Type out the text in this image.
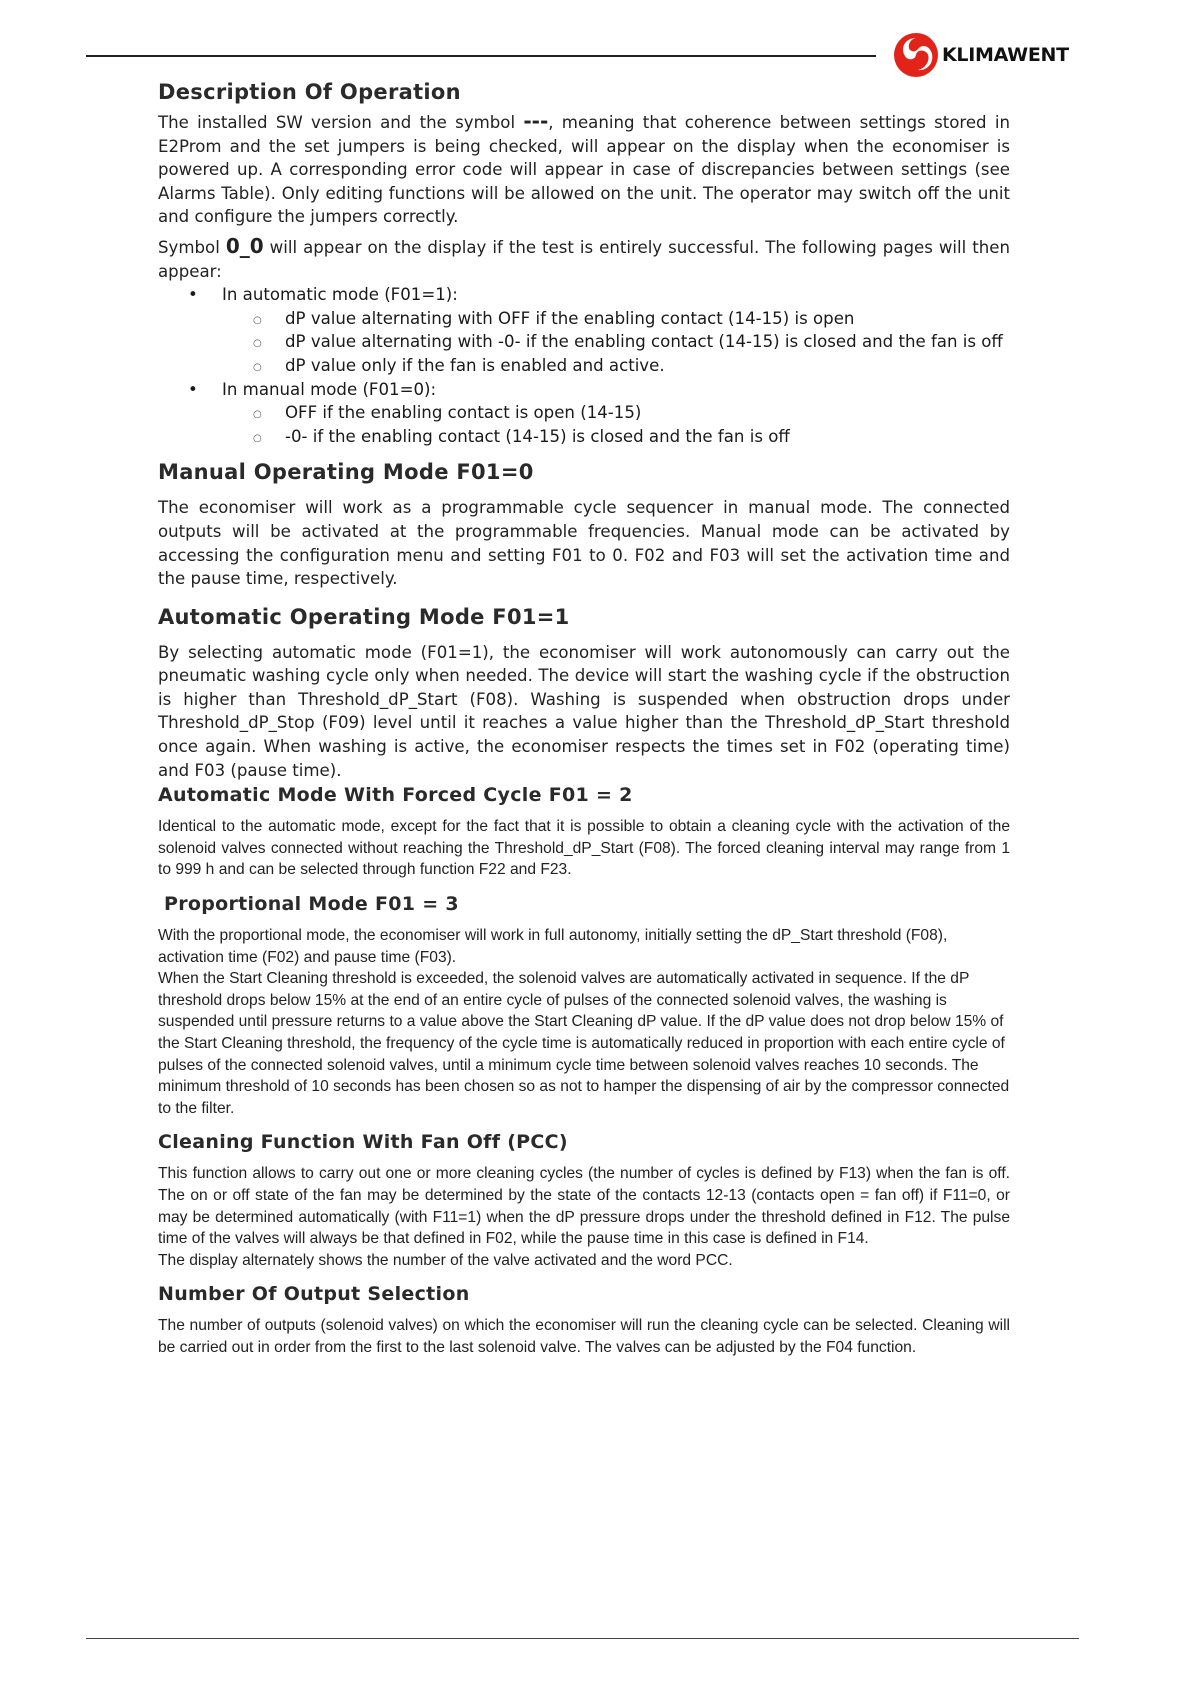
KLIMAWENT
Description Of Operation

The installed SW version and the symbol ---, meaning that coherence between settings stored in E2Prom and the set jumpers is being checked, will appear on the display when the economiser is powered up. A corresponding error code will appear in case of discrepancies between settings (see Alarms Table). Only editing functions will be allowed on the unit. The operator may switch off the unit and configure the jumpers correctly.

Symbol 0_0 will appear on the display if the test is entirely successful. The following pages will then appear:

• In automatic mode (F01=1):
○ dP value alternating with OFF if the enabling contact (14-15) is open
○ dP value alternating with -0- if the enabling contact (14-15) is closed and the fan is off
○ dP value only if the fan is enabled and active.
• In manual mode (F01=0):
○ OFF if the enabling contact is open (14-15)
○ -0- if the enabling contact (14-15) is closed and the fan is off
Manual Operating Mode F01=0

The economiser will work as a programmable cycle sequencer in manual mode. The connected outputs will be activated at the programmable frequencies. Manual mode can be activated by accessing the configuration menu and setting F01 to 0. F02 and F03 will set the activation time and the pause time, respectively.

Automatic Operating Mode F01=1

By selecting automatic mode (F01=1), the economiser will work autonomously can carry out the pneumatic washing cycle only when needed. The device will start the washing cycle if the obstruction is higher than Threshold_dP_Start (F08). Washing is suspended when obstruction drops under Threshold_dP_Stop (F09) level until it reaches a value higher than the Threshold_dP_Start threshold once again. When washing is active, the economiser respects the times set in F02 (operating time) and F03 (pause time).

Automatic Mode With Forced Cycle F01 = 2

Identical to the automatic mode, except for the fact that it is possible to obtain a cleaning cycle with the activation of the solenoid valves connected without reaching the Threshold_dP_Start (F08). The forced cleaning interval may range from 1 to 999 h and can be selected through function F22 and F23.

Proportional Mode F01 = 3

With the proportional mode, the economiser will work in full autonomy, initially setting the dP_Start threshold (F08), activation time (F02) and pause time (F03).

When the Start Cleaning threshold is exceeded, the solenoid valves are automatically activated in sequence. If the dP threshold drops below 15% at the end of an entire cycle of pulses of the connected solenoid valves, the washing is suspended until pressure returns to a value above the Start Cleaning dP value. If the dP value does not drop below 15% of the Start Cleaning threshold, the frequency of the cycle time is automatically reduced in proportion with each entire cycle of pulses of the connected solenoid valves, until a minimum cycle time between solenoid valves reaches 10 seconds. The minimum threshold of 10 seconds has been chosen so as not to hamper the dispensing of air by the compressor connected to the filter.

Cleaning Function With Fan Off (PCC)

This function allows to carry out one or more cleaning cycles (the number of cycles is defined by F13) when the fan is off. The on or off state of the fan may be determined by the state of the contacts 12-13 (contacts open = fan off) if F11=0, or may be determined automatically (with F11=1) when the dP pressure drops under the threshold defined in F12. The pulse time of the valves will always be that defined in F02, while the pause time in this case is defined in F14.

The display alternately shows the number of the valve activated and the word PCC.

Number Of Output Selection

The number of outputs (solenoid valves) on which the economiser will run the cleaning cycle can be selected. Cleaning will be carried out in order from the first to the last solenoid valve. The valves can be adjusted by the F04 function.
